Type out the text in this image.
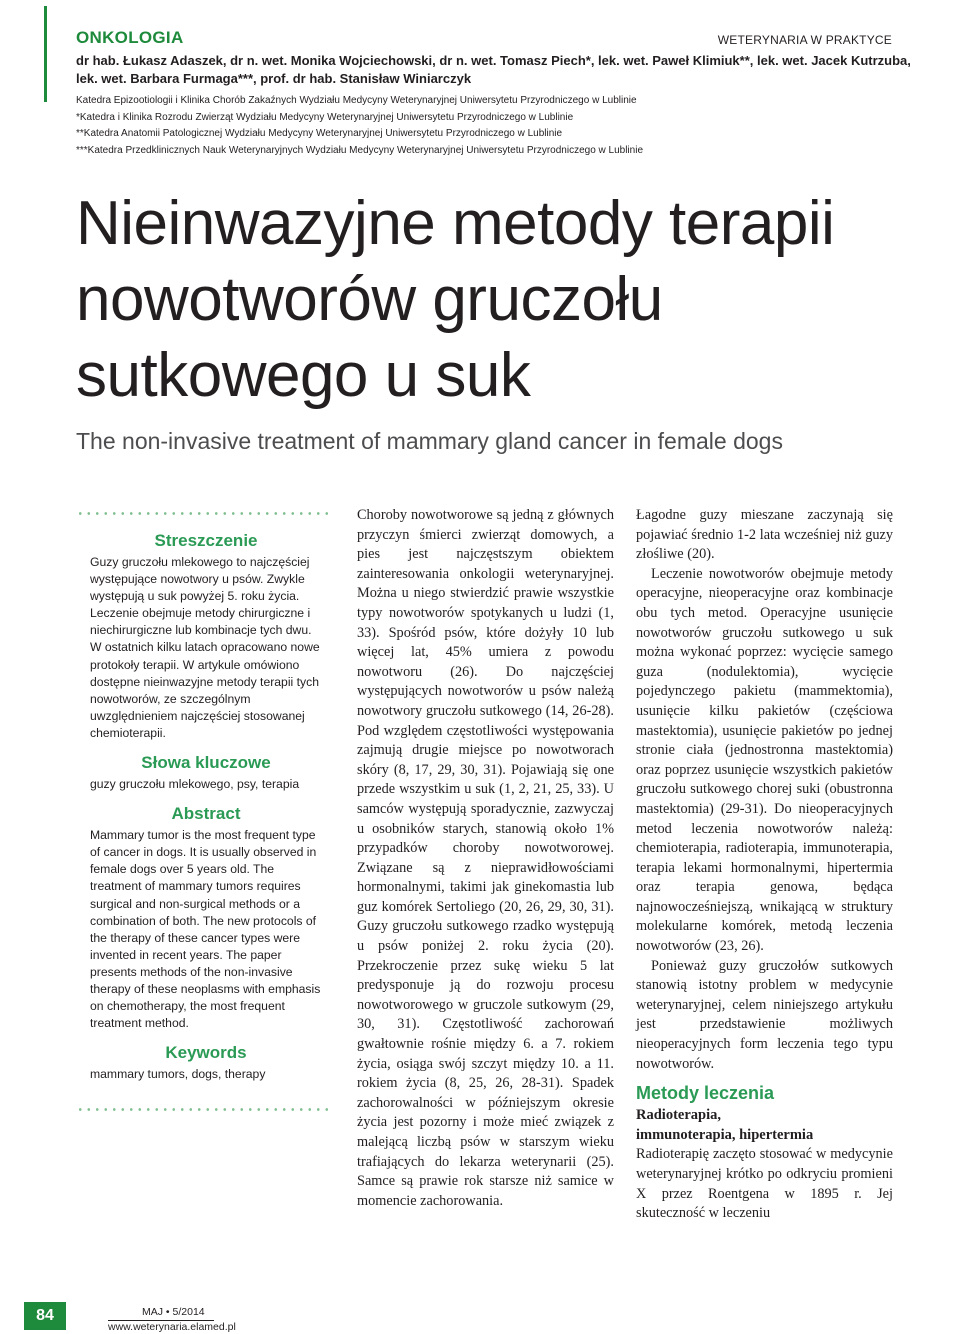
ONKOLOGIA	WETERYNARIA W PRAKTYCE
dr hab. Łukasz Adaszek, dr n. wet. Monika Wojciechowski, dr n. wet. Tomasz Piech*, lek. wet. Paweł Klimiuk**, lek. wet. Jacek Kutrzuba,
lek. wet. Barbara Furmaga***, prof. dr hab. Stanisław Winiarczyk
Katedra Epizootiologii i Klinika Chorób Zakaźnych Wydziału Medycyny Weterynaryjnej Uniwersytetu Przyrodniczego w Lublinie
*Katedra i Klinika Rozrodu Zwierząt Wydziału Medycyny Weterynaryjnej Uniwersytetu Przyrodniczego w Lublinie
**Katedra Anatomii Patologicznej Wydziału Medycyny Weterynaryjnej Uniwersytetu Przyrodniczego w Lublinie
***Katedra Przedklinicznych Nauk Weterynaryjnych Wydziału Medycyny Weterynaryjnej Uniwersytetu Przyrodniczego w Lublinie
Nieinwazyjne metody terapii
nowotworów gruczołu
sutkowego u suk
The non-invasive treatment of mammary gland cancer in female dogs
Streszczenie

Guzy gruczołu mlekowego to najczęściej występujące nowotwory u psów. Zwykle występują u suk powyżej 5. roku życia. Leczenie obejmuje metody chirurgiczne i niechirurgiczne lub kombinacje tych dwu. W ostatnich kilku latach opracowano nowe protokoły terapii. W artykule omówiono dostępne nieinwazyjne metody terapii tych nowotworów, ze szczególnym uwzględnieniem najczęściej stosowanej chemioterapii.

Słowa kluczowe

guzy gruczołu mlekowego, psy, terapia

Abstract

Mammary tumor is the most frequent type of cancer in dogs. It is usually observed in female dogs over 5 years old. The treatment of mammary tumors requires surgical and non-surgical methods or a combination of both. The new protocols of the therapy of these cancer types were invented in recent years. The paper presents methods of the non-invasive therapy of these neoplasms with emphasis on chemotherapy, the most frequent treatment method.

Keywords

mammary tumors, dogs, therapy

Choroby nowotworowe są jedną z głównych przyczyn śmierci zwierząt domowych, a pies jest najczęstszym obiektem zainteresowania onkologii weterynaryjnej. Można u niego stwierdzić prawie wszystkie typy nowotworów spotykanych u ludzi (1, 33). Spośród psów, które dożyły 10 lub więcej lat, 45% umiera z powodu nowotworu (26). Do najczęściej występujących nowotworów u psów należą nowotwory gruczołu sutkowego (14, 26-28). Pod względem częstotliwości występowania zajmują drugie miejsce po nowotworach skóry (8, 17, 29, 30, 31). Pojawiają się one przede wszystkim u suk (1, 2, 21, 25, 33). U samców występują sporadycznie, zazwyczaj u osobników starych, stanowią około 1% przypadków choroby nowotworowej. Związane są z nieprawidłowościami hormonalnymi, takimi jak ginekomastia lub guz komórek Sertoliego (20, 26, 29, 30, 31). Guzy gruczołu sutkowego rzadko występują u psów poniżej 2. roku życia (20). Przekroczenie przez sukę wieku 5 lat predysponuje ją do rozwoju procesu nowotworowego w gruczole sutkowym (29, 30, 31). Częstotliwość zachorowań gwałtownie rośnie między 6. a 7. rokiem życia, osiąga swój szczyt między 10. a 11. rokiem życia (8, 25, 26, 28-31). Spadek zachorowalności w późniejszym okresie życia jest pozorny i może mieć związek z malejącą liczbą psów w starszym wieku trafiających do lekarza weterynarii (25). Samce są prawie rok starsze niż samice w momencie zachorowania.

Łagodne guzy mieszane zaczynają się pojawiać średnio 1-2 lata wcześniej niż guzy złośliwe (20).

Leczenie nowotworów obejmuje metody operacyjne, nieoperacyjne oraz kombinacje obu tych metod. Operacyjne usunięcie nowotworów gruczołu sutkowego u suk można wykonać poprzez: wycięcie samego guza (nodulektomia), wycięcie pojedynczego pakietu (mammektomia), usunięcie kilku pakietów (częściowa mastektomia), usunięcie pakietów po jednej stronie ciała (jednostronna mastektomia) oraz poprzez usunięcie wszystkich pakietów gruczołu sutkowego chorej suki (obustronna mastektomia) (29-31). Do nieoperacyjnych metod leczenia nowotworów należą: chemioterapia, radioterapia, immunoterapia, terapia lekami hormonalnymi, hipertermia oraz terapia genowa, będąca najnowocześniejszą, wnikającą w struktury molekularne komórek, metodą leczenia nowotworów (23, 26).

Ponieważ guzy gruczołów sutkowych stanowią istotny problem w medycynie weterynaryjnej, celem niniejszego artykułu jest przedstawienie możliwych nieoperacyjnych form leczenia tego typu nowotworów.

Metody leczenia
Radioterapia,
immunoterapia, hipertermia

Radioterapię zaczęto stosować w medycynie weterynaryjnej krótko po odkryciu promieni X przez Roentgena w 1895 r. Jej skuteczność w leczeniu

84	MAJ • 5/2014
www.weterynaria.elamed.pl
